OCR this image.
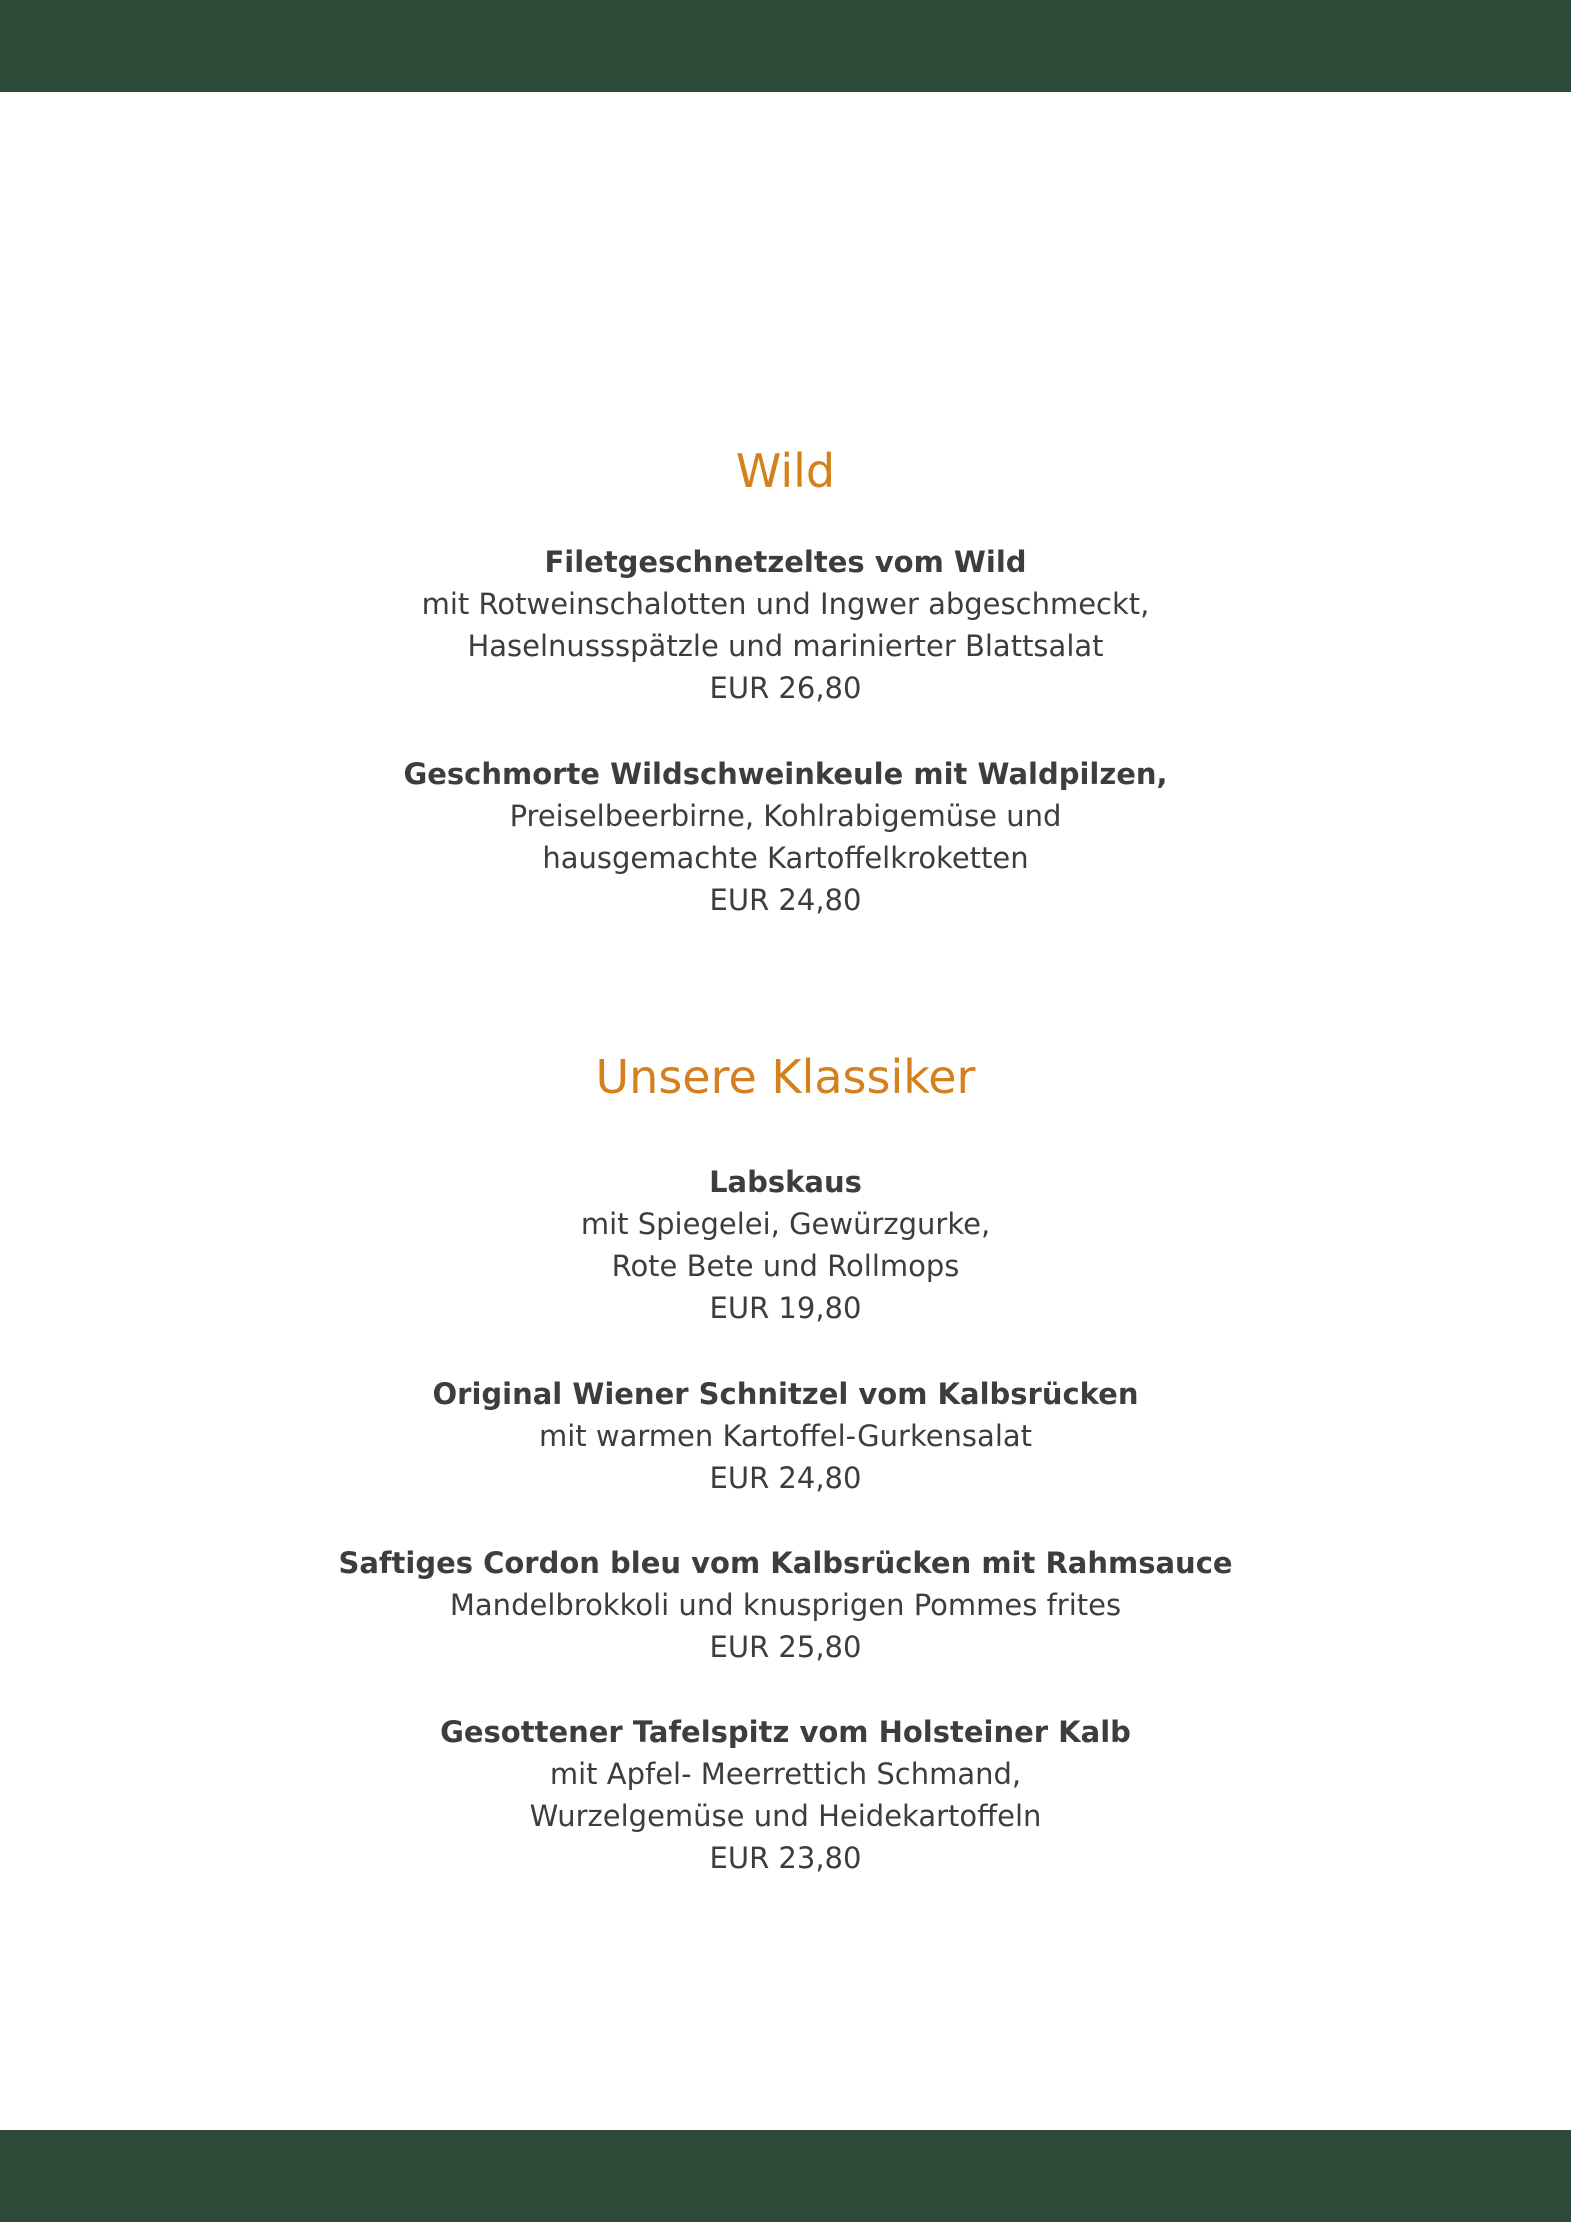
Wild
Filetgeschnetzeltes vom Wild
mit Rotweinschalotten und Ingwer abgeschmeckt,
Haselnussspätzle und marinierter Blattsalat
EUR 26,80
Geschmorte Wildschweinkeule mit Waldpilzen,
Preiselbeerbirne, Kohlrabigemüse und
hausgemachte Kartoffelkroketten
EUR 24,80
Unsere Klassiker
Labskaus
mit Spiegelei, Gewürzgurke,
Rote Bete und Rollmops
EUR 19,80
Original Wiener Schnitzel vom Kalbsrücken
mit warmen Kartoffel-Gurkensalat
EUR 24,80
Saftiges Cordon bleu vom Kalbsrücken mit Rahmsauce
Mandelbrokkoli und knusprigen Pommes frites
EUR 25,80
Gesottener Tafelspitz vom Holsteiner Kalb
mit Apfel- Meerrettich Schmand,
Wurzelgemüse und Heidekartoffeln
EUR 23,80
